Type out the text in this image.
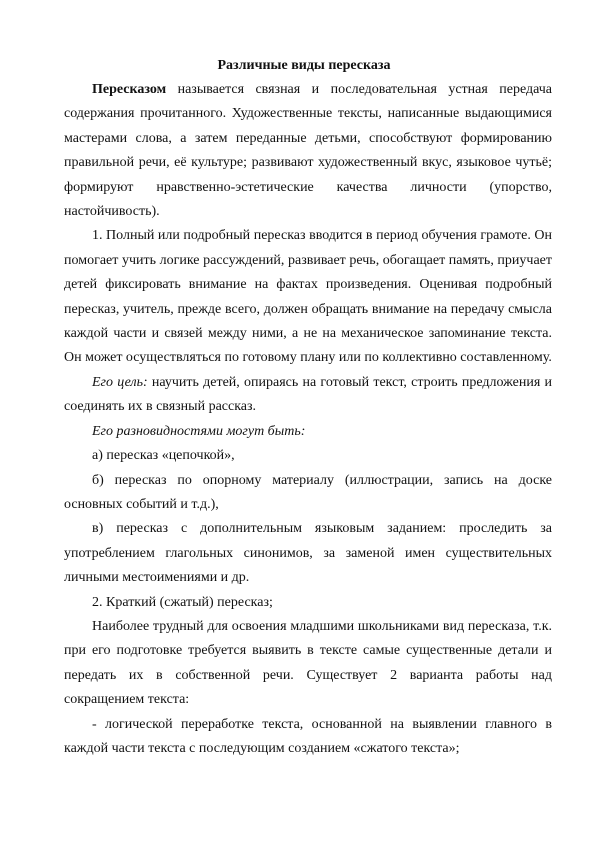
Различные виды пересказа

Пересказом называется связная и последовательная устная передача содержания прочитанного. Художественные тексты, написанные выдающимися мастерами слова, а затем переданные детьми, способствуют формированию правильной речи, её культуре; развивают художественный вкус, языковое чутьё; формируют нравственно-эстетические качества личности (упорство, настойчивость).

1. Полный или подробный пересказ вводится в период обучения грамоте. Он помогает учить логике рассуждений, развивает речь, обогащает память, приучает детей фиксировать внимание на фактах произведения. Оценивая подробный пересказ, учитель, прежде всего, должен обращать внимание на передачу смысла каждой части и связей между ними, а не на механическое запоминание текста. Он может осуществляться по готовому плану или по коллективно составленному.

Его цель: научить детей, опираясь на готовый текст, строить предложения и соединять их в связный рассказ.

Его разновидностями могут быть:

а) пересказ «цепочкой»,

б) пересказ по опорному материалу (иллюстрации, запись на доске основных событий и т.д.),

в) пересказ с дополнительным языковым заданием: проследить за употреблением глагольных синонимов, за заменой имен существительных личными местоимениями и др.

2. Краткий (сжатый) пересказ;

Наиболее трудный для освоения младшими школьниками вид пересказа, т.к. при его подготовке требуется выявить в тексте самые существенные детали и передать их в собственной речи. Существует 2 варианта работы над сокращением текста:

- логической переработке текста, основанной на выявлении главного в каждой части текста с последующим созданием «сжатого текста»;
